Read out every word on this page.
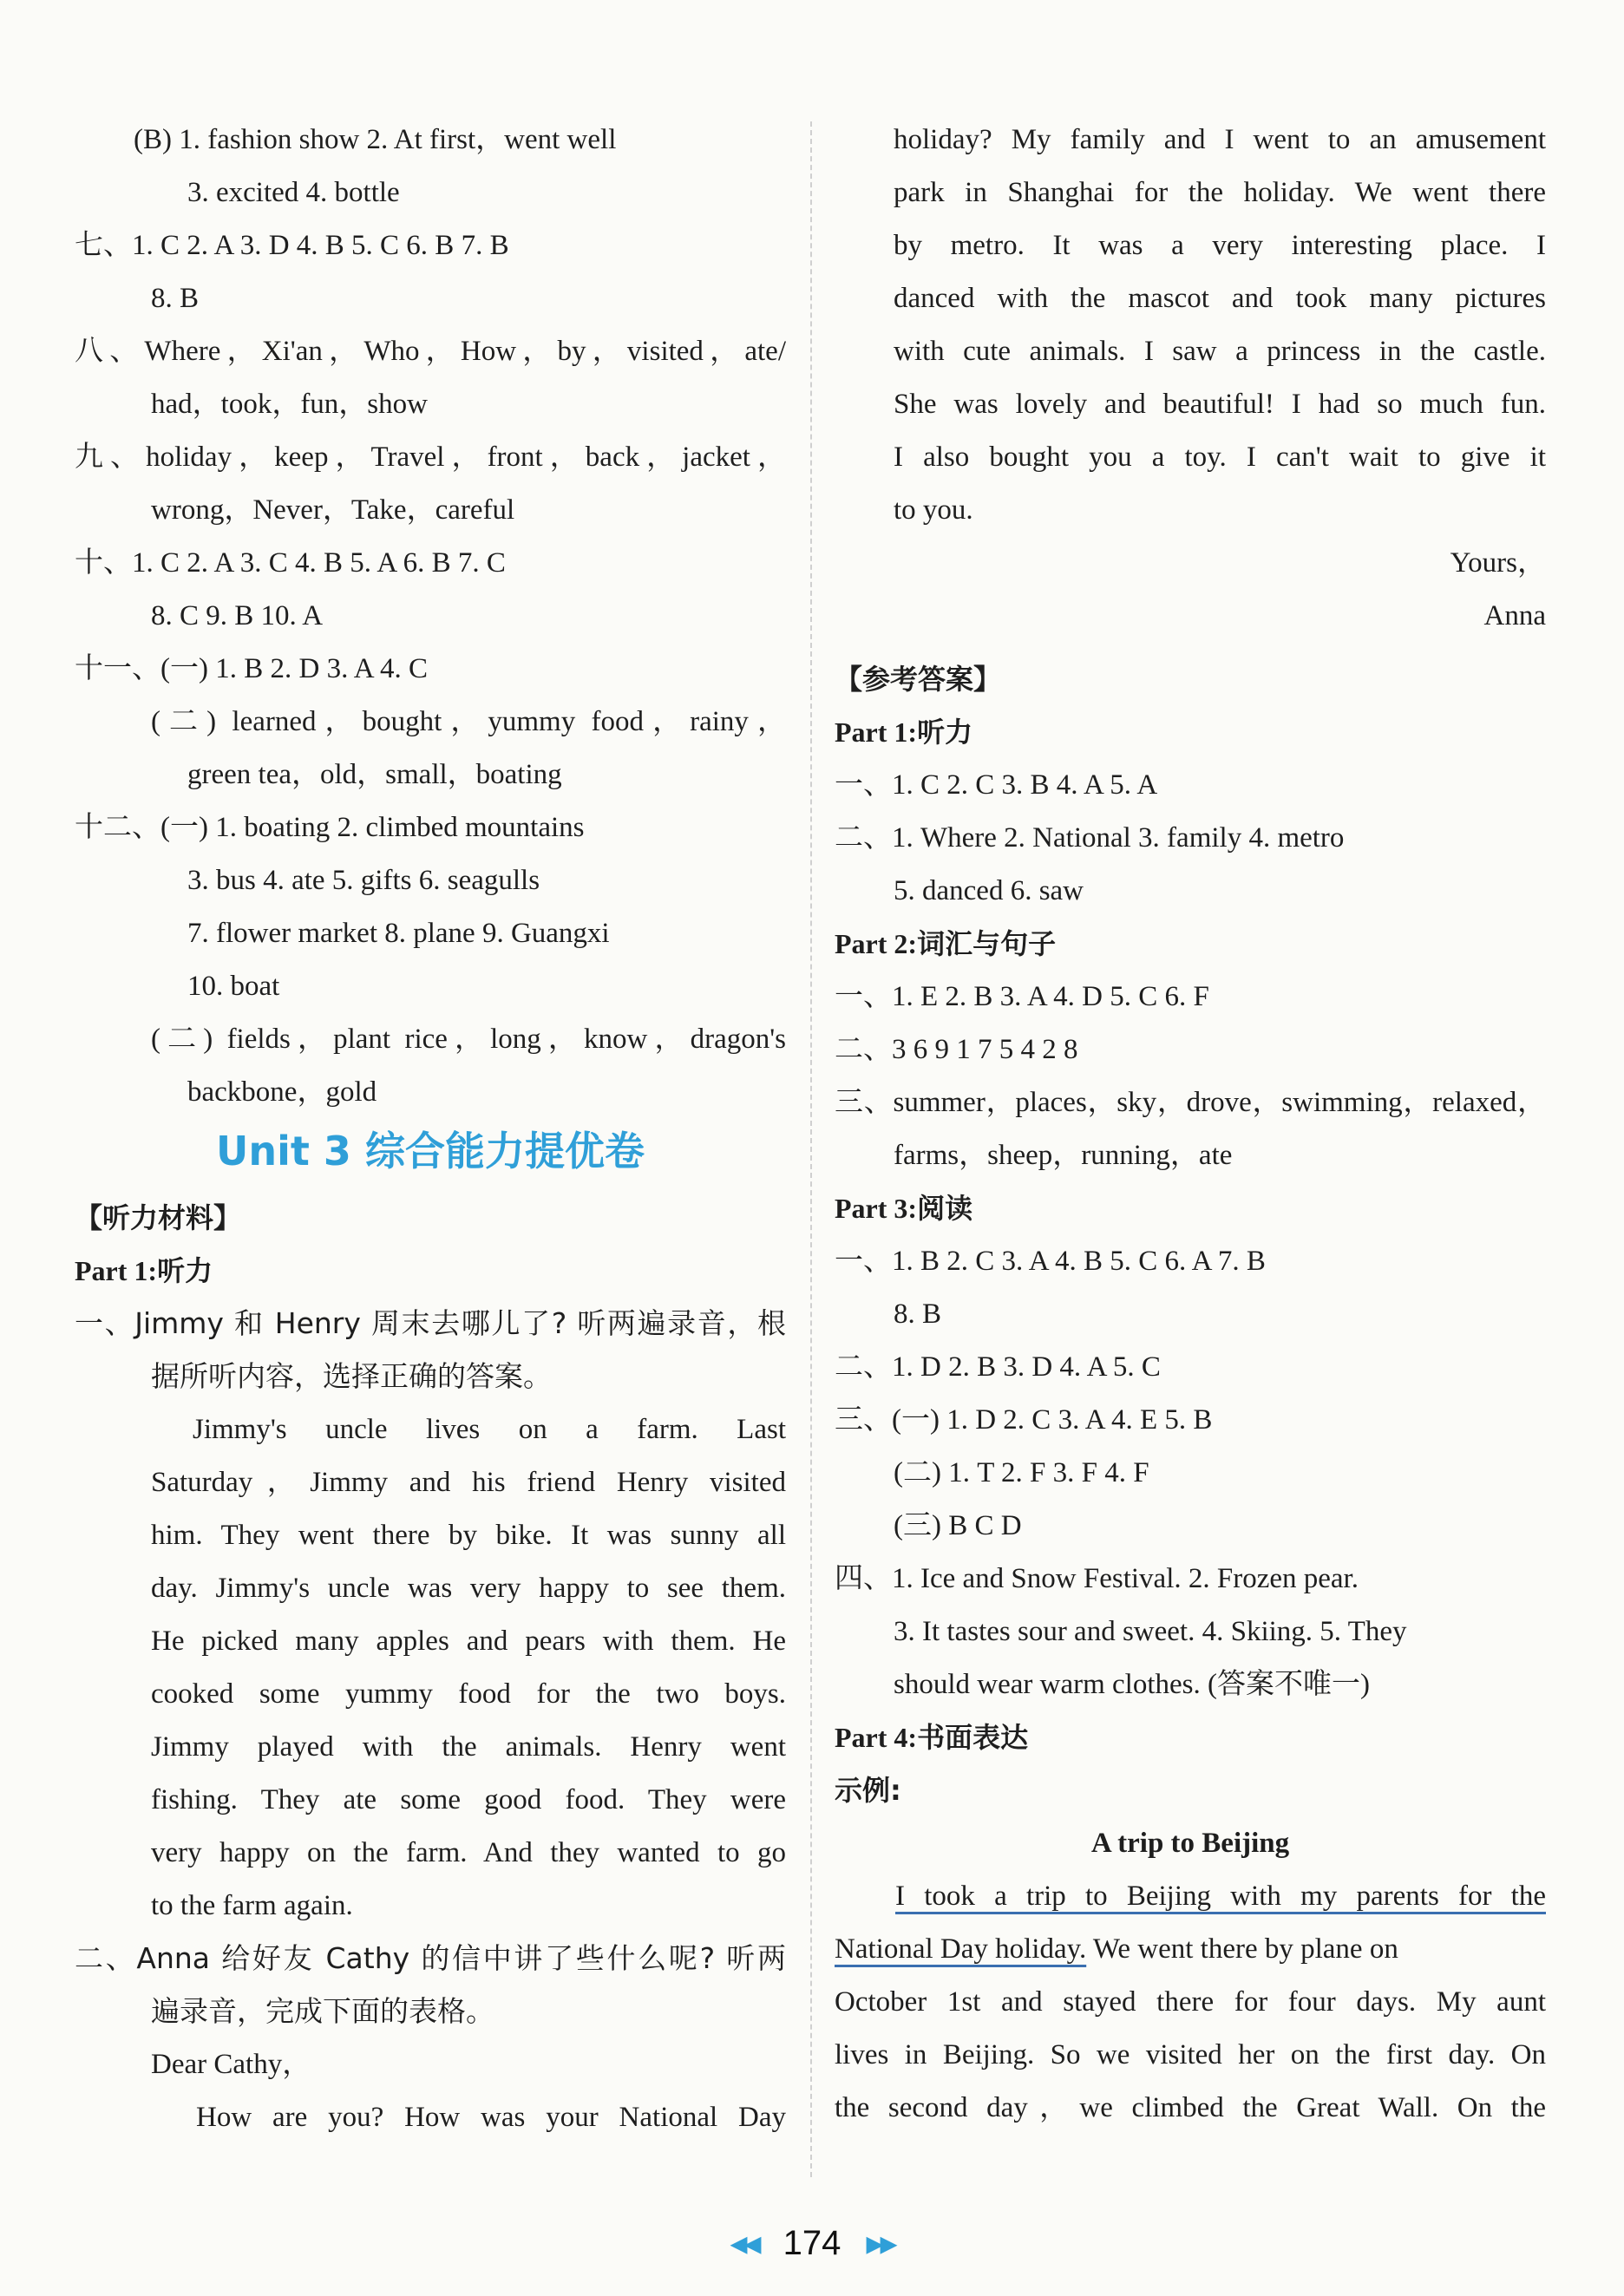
(B) 1. fashion show 2. At first，went well
3. excited 4. bottle
七、1. C 2. A 3. D 4. B 5. C 6. B 7. B
8. B
八、Where，Xi'an，Who，How，by，visited，ate/
had，took，fun，show
九、holiday，keep，Travel，front，back，jacket，
wrong，Never，Take，careful
十、1. C 2. A 3. C 4. B 5. A 6. B 7. C
8. C 9. B 10. A
十一、(一) 1. B 2. D 3. A 4. C
(二) learned，bought，yummy food，rainy，
green tea，old，small，boating
十二、(一) 1. boating 2. climbed mountains
3. bus 4. ate 5. gifts 6. seagulls
7. flower market 8. plane 9. Guangxi
10. boat
(二) fields，plant rice，long，know，dragon's
backbone，gold
Unit 3 综合能力提优卷
【听力材料】
Part 1:听力
一、Jimmy 和 Henry 周末去哪儿了? 听两遍录音，根
据所听内容，选择正确的答案。
Jimmy's uncle lives on a farm. Last
Saturday，Jimmy and his friend Henry visited
him. They went there by bike. It was sunny all
day. Jimmy's uncle was very happy to see them.
He picked many apples and pears with them. He
cooked some yummy food for the two boys.
Jimmy played with the animals. Henry went
fishing. They ate some good food. They were
very happy on the farm. And they wanted to go
to the farm again.
二、Anna 给好友 Cathy 的信中讲了些什么呢? 听两
遍录音，完成下面的表格。
Dear Cathy，
How are you? How was your National Day
holiday? My family and I went to an amusement
park in Shanghai for the holiday. We went there
by metro. It was a very interesting place. I
danced with the mascot and took many pictures
with cute animals. I saw a princess in the castle.
She was lovely and beautiful! I had so much fun.
I also bought you a toy. I can't wait to give it
to you.
Yours，
Anna
【参考答案】
Part 1:听力
一、1. C 2. C 3. B 4. A 5. A
二、1. Where 2. National 3. family 4. metro
5. danced 6. saw
Part 2:词汇与句子
一、1. E 2. B 3. A 4. D 5. C 6. F
二、3 6 9 1 7 5 4 2 8
三、summer，places，sky，drove，swimming，relaxed，
farms，sheep，running，ate
Part 3:阅读
一、1. B 2. C 3. A 4. B 5. C 6. A 7. B
8. B
二、1. D 2. B 3. D 4. A 5. C
三、(一) 1. D 2. C 3. A 4. E 5. B
(二) 1. T 2. F 3. F 4. F
(三) B C D
四、1. Ice and Snow Festival. 2. Frozen pear.
3. It tastes sour and sweet. 4. Skiing. 5. They
should wear warm clothes. (答案不唯一)
Part 4:书面表达
示例:
A trip to Beijing
I took a trip to Beijing with my parents for the
National Day holiday. We went there by plane on
October 1st and stayed there for four days. My aunt
lives in Beijing. So we visited her on the first day. On
the second day，we climbed the Great Wall. On the
◀◀ 174 ▶▶
